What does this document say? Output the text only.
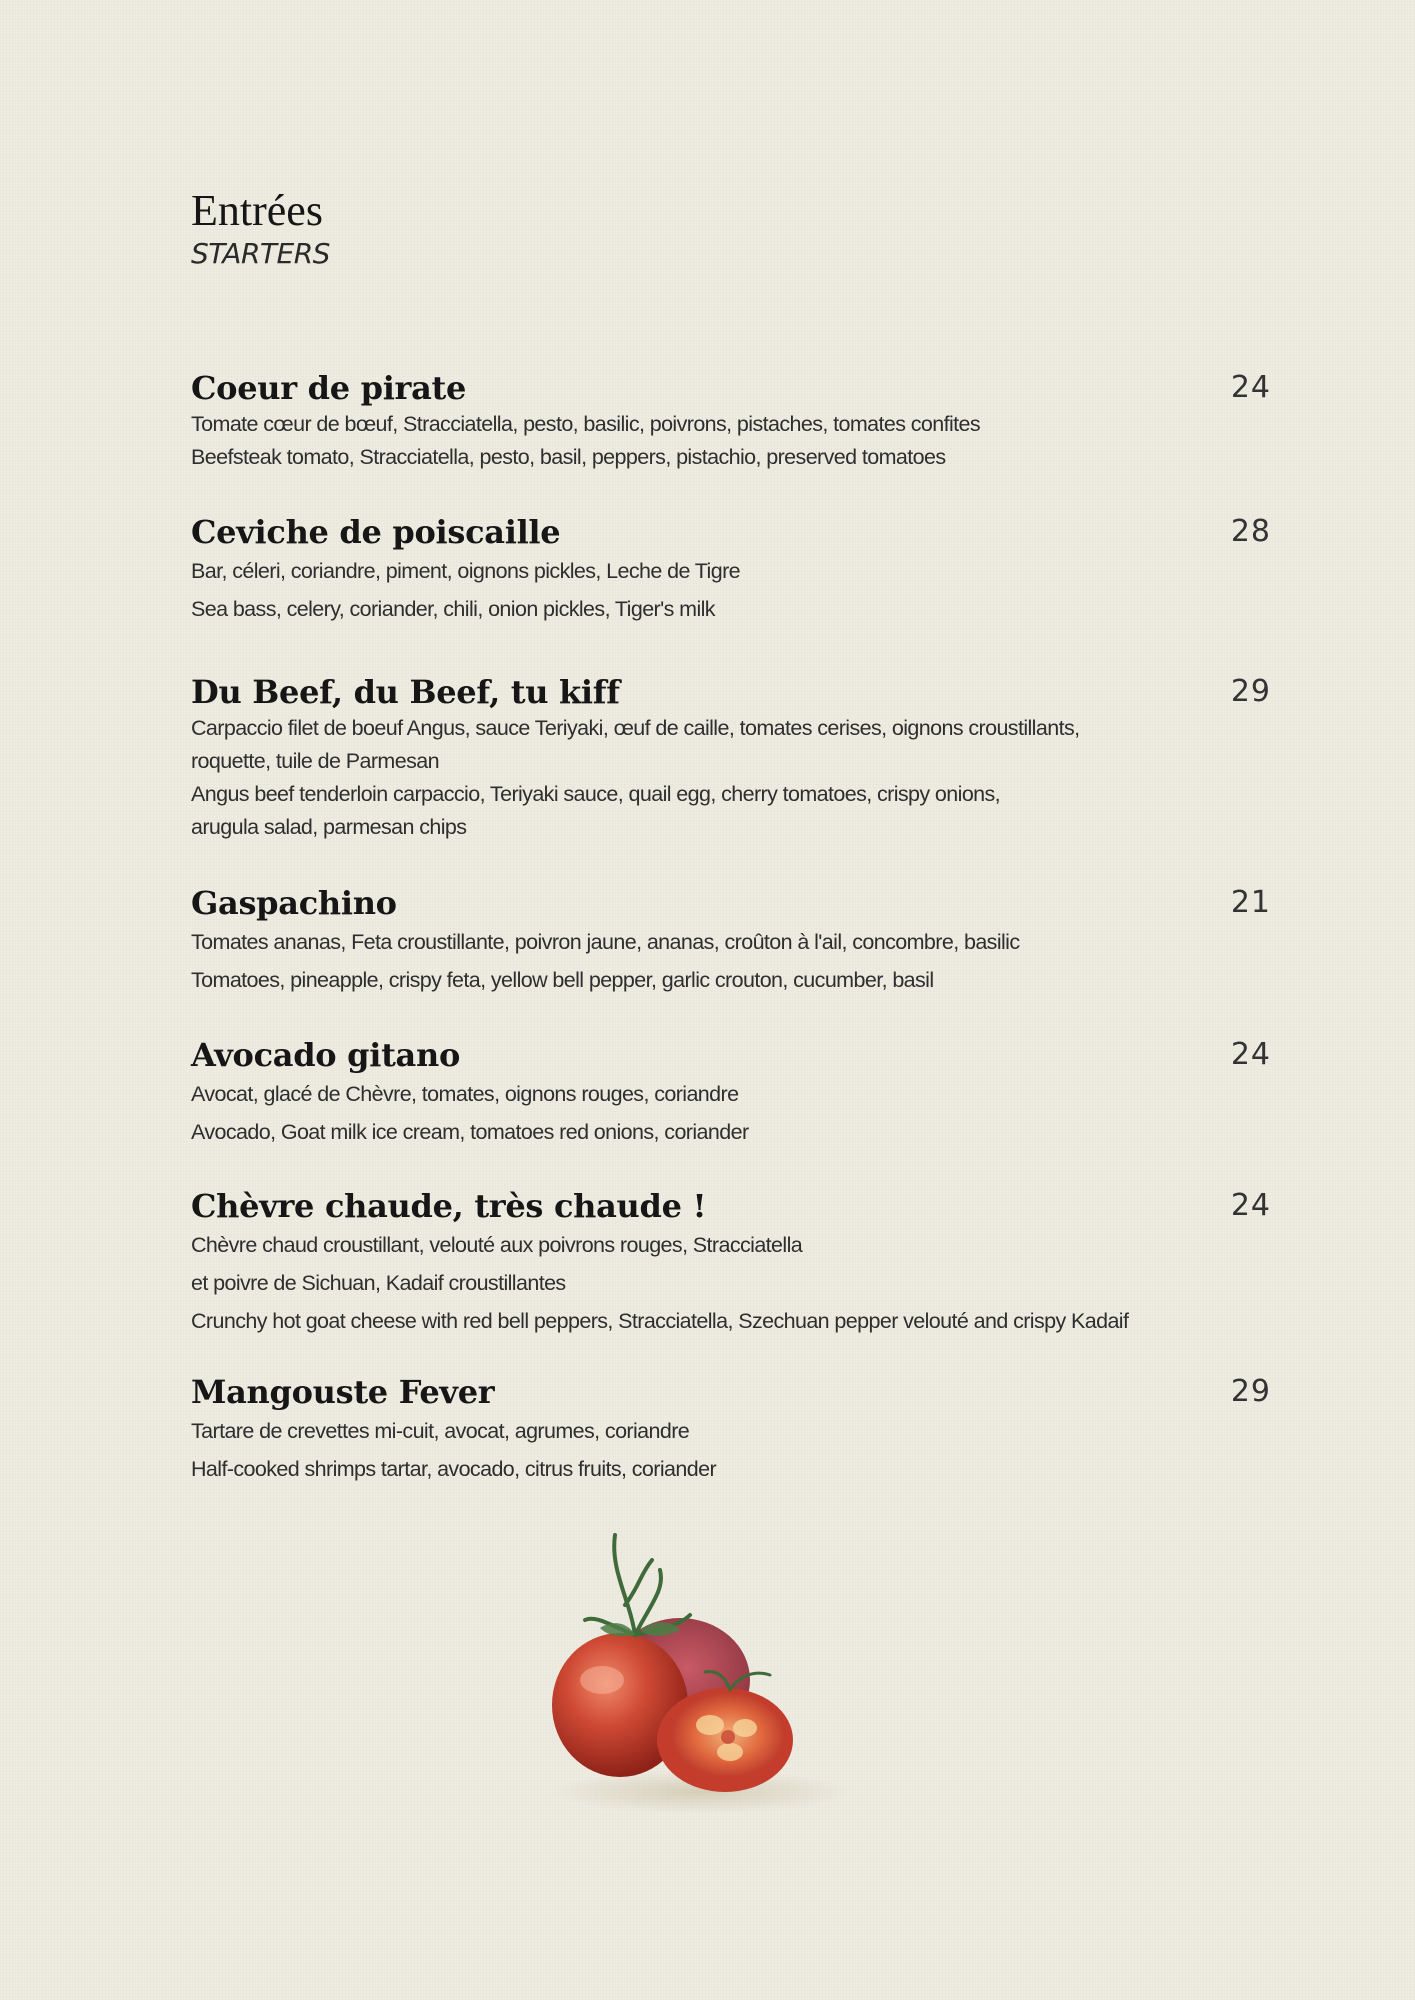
Entrées
STARTERS
Coeur de pirate	24
Tomate cœur de bœuf, Stracciatella, pesto, basilic, poivrons, pistaches, tomates confites
Beefsteak tomato, Stracciatella, pesto, basil, peppers, pistachio, preserved tomatoes
Ceviche de poiscaille	28
Bar, céleri, coriandre, piment, oignons pickles, Leche de Tigre
Sea bass, celery, coriander, chili, onion pickles, Tiger's milk
Du Beef, du Beef, tu kiff	29
Carpaccio filet de boeuf Angus, sauce Teriyaki, œuf de caille, tomates cerises, oignons croustillants,
roquette, tuile de Parmesan
Angus beef tenderloin carpaccio, Teriyaki sauce, quail egg, cherry tomatoes, crispy onions,
arugula salad, parmesan chips
Gaspachino	21
Tomates ananas, Feta croustillante, poivron jaune, ananas, croûton à l'ail, concombre, basilic
Tomatoes, pineapple, crispy feta, yellow bell pepper, garlic crouton, cucumber, basil
Avocado gitano	24
Avocat, glacé de Chèvre, tomates, oignons rouges, coriandre
Avocado, Goat milk ice cream, tomatoes red onions, coriander
Chèvre chaude, très chaude !	24
Chèvre chaud croustillant, velouté aux poivrons rouges, Stracciatella
et poivre de Sichuan, Kadaif croustillantes
Crunchy hot goat cheese with red bell peppers, Stracciatella, Szechuan pepper velouté and crispy Kadaif
Mangouste Fever	29
Tartare de crevettes mi-cuit, avocat, agrumes, coriandre
Half-cooked shrimps tartar, avocado, citrus fruits, coriander
